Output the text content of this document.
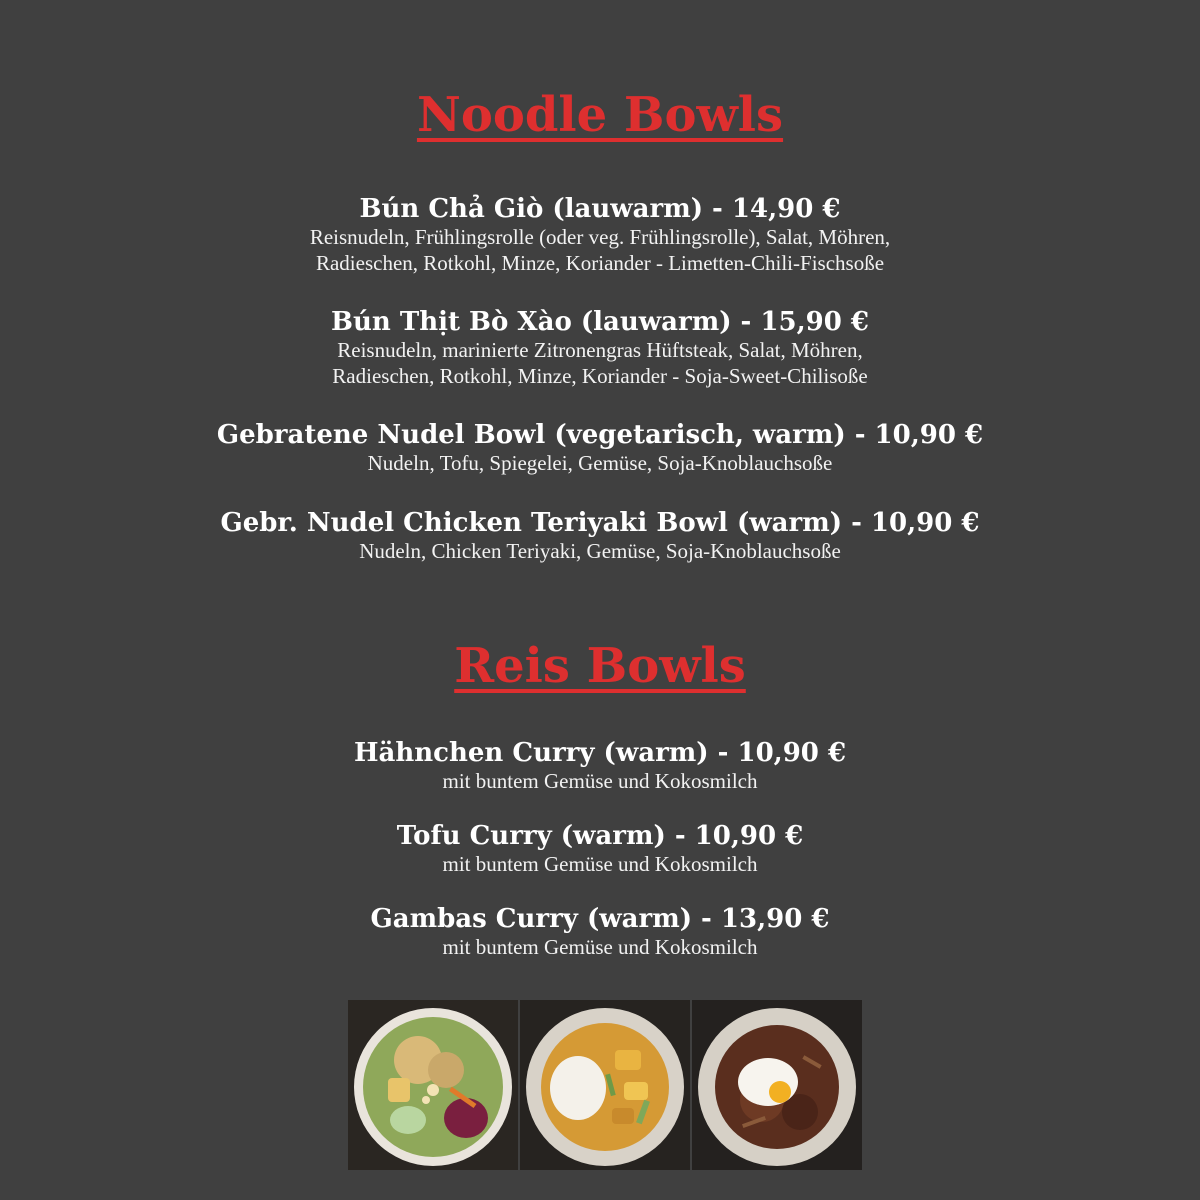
Noodle Bowls
Bún Chả Giò (lauwarm) - 14,90 €
Reisnudeln, Frühlingsrolle (oder veg. Frühlingsrolle), Salat, Möhren,
Radieschen, Rotkohl, Minze, Koriander - Limetten-Chili-Fischsoße
Bún Thịt Bò Xào (lauwarm) - 15,90 €
Reisnudeln, marinierte Zitronengras Hüftsteak, Salat, Möhren,
Radieschen, Rotkohl, Minze, Koriander - Soja-Sweet-Chilisoße
Gebratene Nudel Bowl (vegetarisch, warm) - 10,90 €
Nudeln, Tofu, Spiegelei, Gemüse, Soja-Knoblauchsoße
Gebr. Nudel Chicken Teriyaki Bowl (warm) - 10,90 €
Nudeln, Chicken Teriyaki, Gemüse, Soja-Knoblauchsoße
Reis Bowls
Hähnchen Curry (warm) - 10,90 €
mit buntem Gemüse und Kokosmilch
Tofu Curry (warm) - 10,90 €
mit buntem Gemüse und Kokosmilch
Gambas Curry (warm) - 13,90 €
mit buntem Gemüse und Kokosmilch
